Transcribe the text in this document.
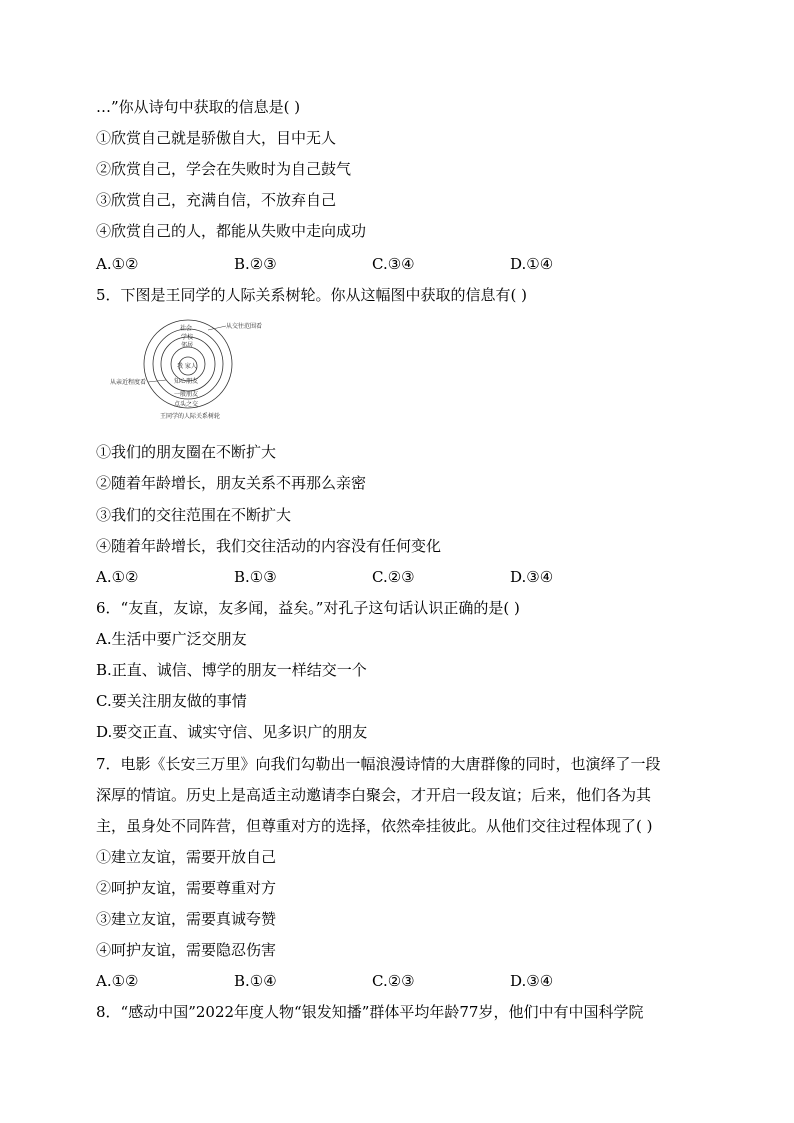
…”你从诗句中获取的信息是( )
①欣赏自己就是骄傲自大，目中无人
②欣赏自己，学会在失败时为自己鼓气
③欣赏自己，充满自信，不放弃自己
④欣赏自己的人，都能从失败中走向成功
A.①②	B.②③	C.③④	D.①④
5．下图是王同学的人际关系树轮。你从这幅图中获取的信息有( )
社会
学校
邻居
我 家人
知心朋友
一般朋友
点头之交
从交往范围看
从亲近程度看
王同学的人际关系树轮
①我们的朋友圈在不断扩大
②随着年龄增长，朋友关系不再那么亲密
③我们的交往范围在不断扩大
④随着年龄增长，我们交往活动的内容没有任何变化
A.①②	B.①③	C.②③	D.③④
6．“友直，友谅，友多闻，益矣。”对孔子这句话认识正确的是( )
A.生活中要广泛交朋友
B.正直、诚信、博学的朋友一样结交一个
C.要关注朋友做的事情
D.要交正直、诚实守信、见多识广的朋友
7．电影《长安三万里》向我们勾勒出一幅浪漫诗情的大唐群像的同时，也演绎了一段
深厚的情谊。历史上是高适主动邀请李白聚会，才开启一段友谊；后来，他们各为其
主，虽身处不同阵营，但尊重对方的选择，依然牵挂彼此。从他们交往过程体现了( )
①建立友谊，需要开放自己
②呵护友谊，需要尊重对方
③建立友谊，需要真诚夸赞
④呵护友谊，需要隐忍伤害
A.①②	B.①④	C.②③	D.③④
8．“感动中国”2022年度人物“银发知播”群体平均年龄77岁，他们中有中国科学院
